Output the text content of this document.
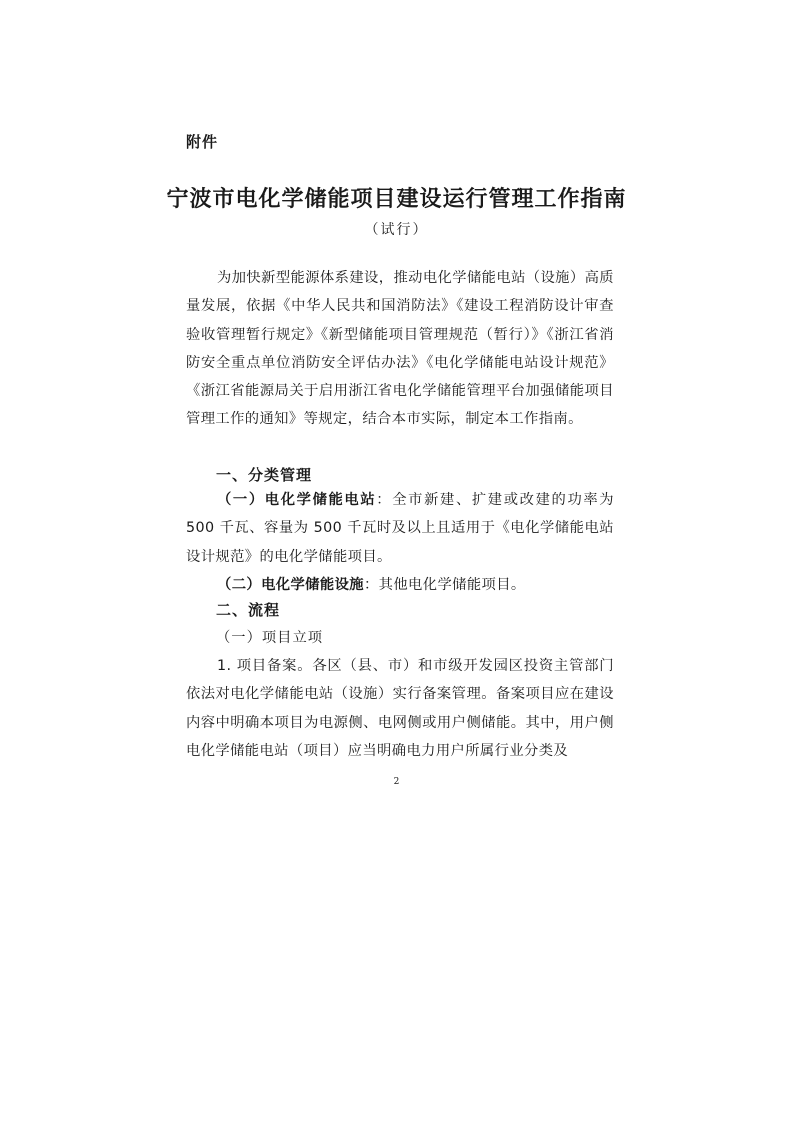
附件
宁波市电化学储能项目建设运行管理工作指南
（试行）
为加快新型能源体系建设，推动电化学储能电站（设施）高质量发展，依据《中华人民共和国消防法》《建设工程消防设计审查验收管理暂行规定》《新型储能项目管理规范（暂行）》《浙江省消防安全重点单位消防安全评估办法》《电化学储能电站设计规范》《浙江省能源局关于启用浙江省电化学储能管理平台加强储能项目管理工作的通知》等规定，结合本市实际，制定本工作指南。
一、分类管理
（一）电化学储能电站：全市新建、扩建或改建的功率为 500 千瓦、容量为 500 千瓦时及以上且适用于《电化学储能电站设计规范》的电化学储能项目。
（二）电化学储能设施：其他电化学储能项目。
二、流程
（一）项目立项
1. 项目备案。各区（县、市）和市级开发园区投资主管部门依法对电化学储能电站（设施）实行备案管理。备案项目应在建设内容中明确本项目为电源侧、电网侧或用户侧储能。其中，用户侧电化学储能电站（项目）应当明确电力用户所属行业分类及
2
